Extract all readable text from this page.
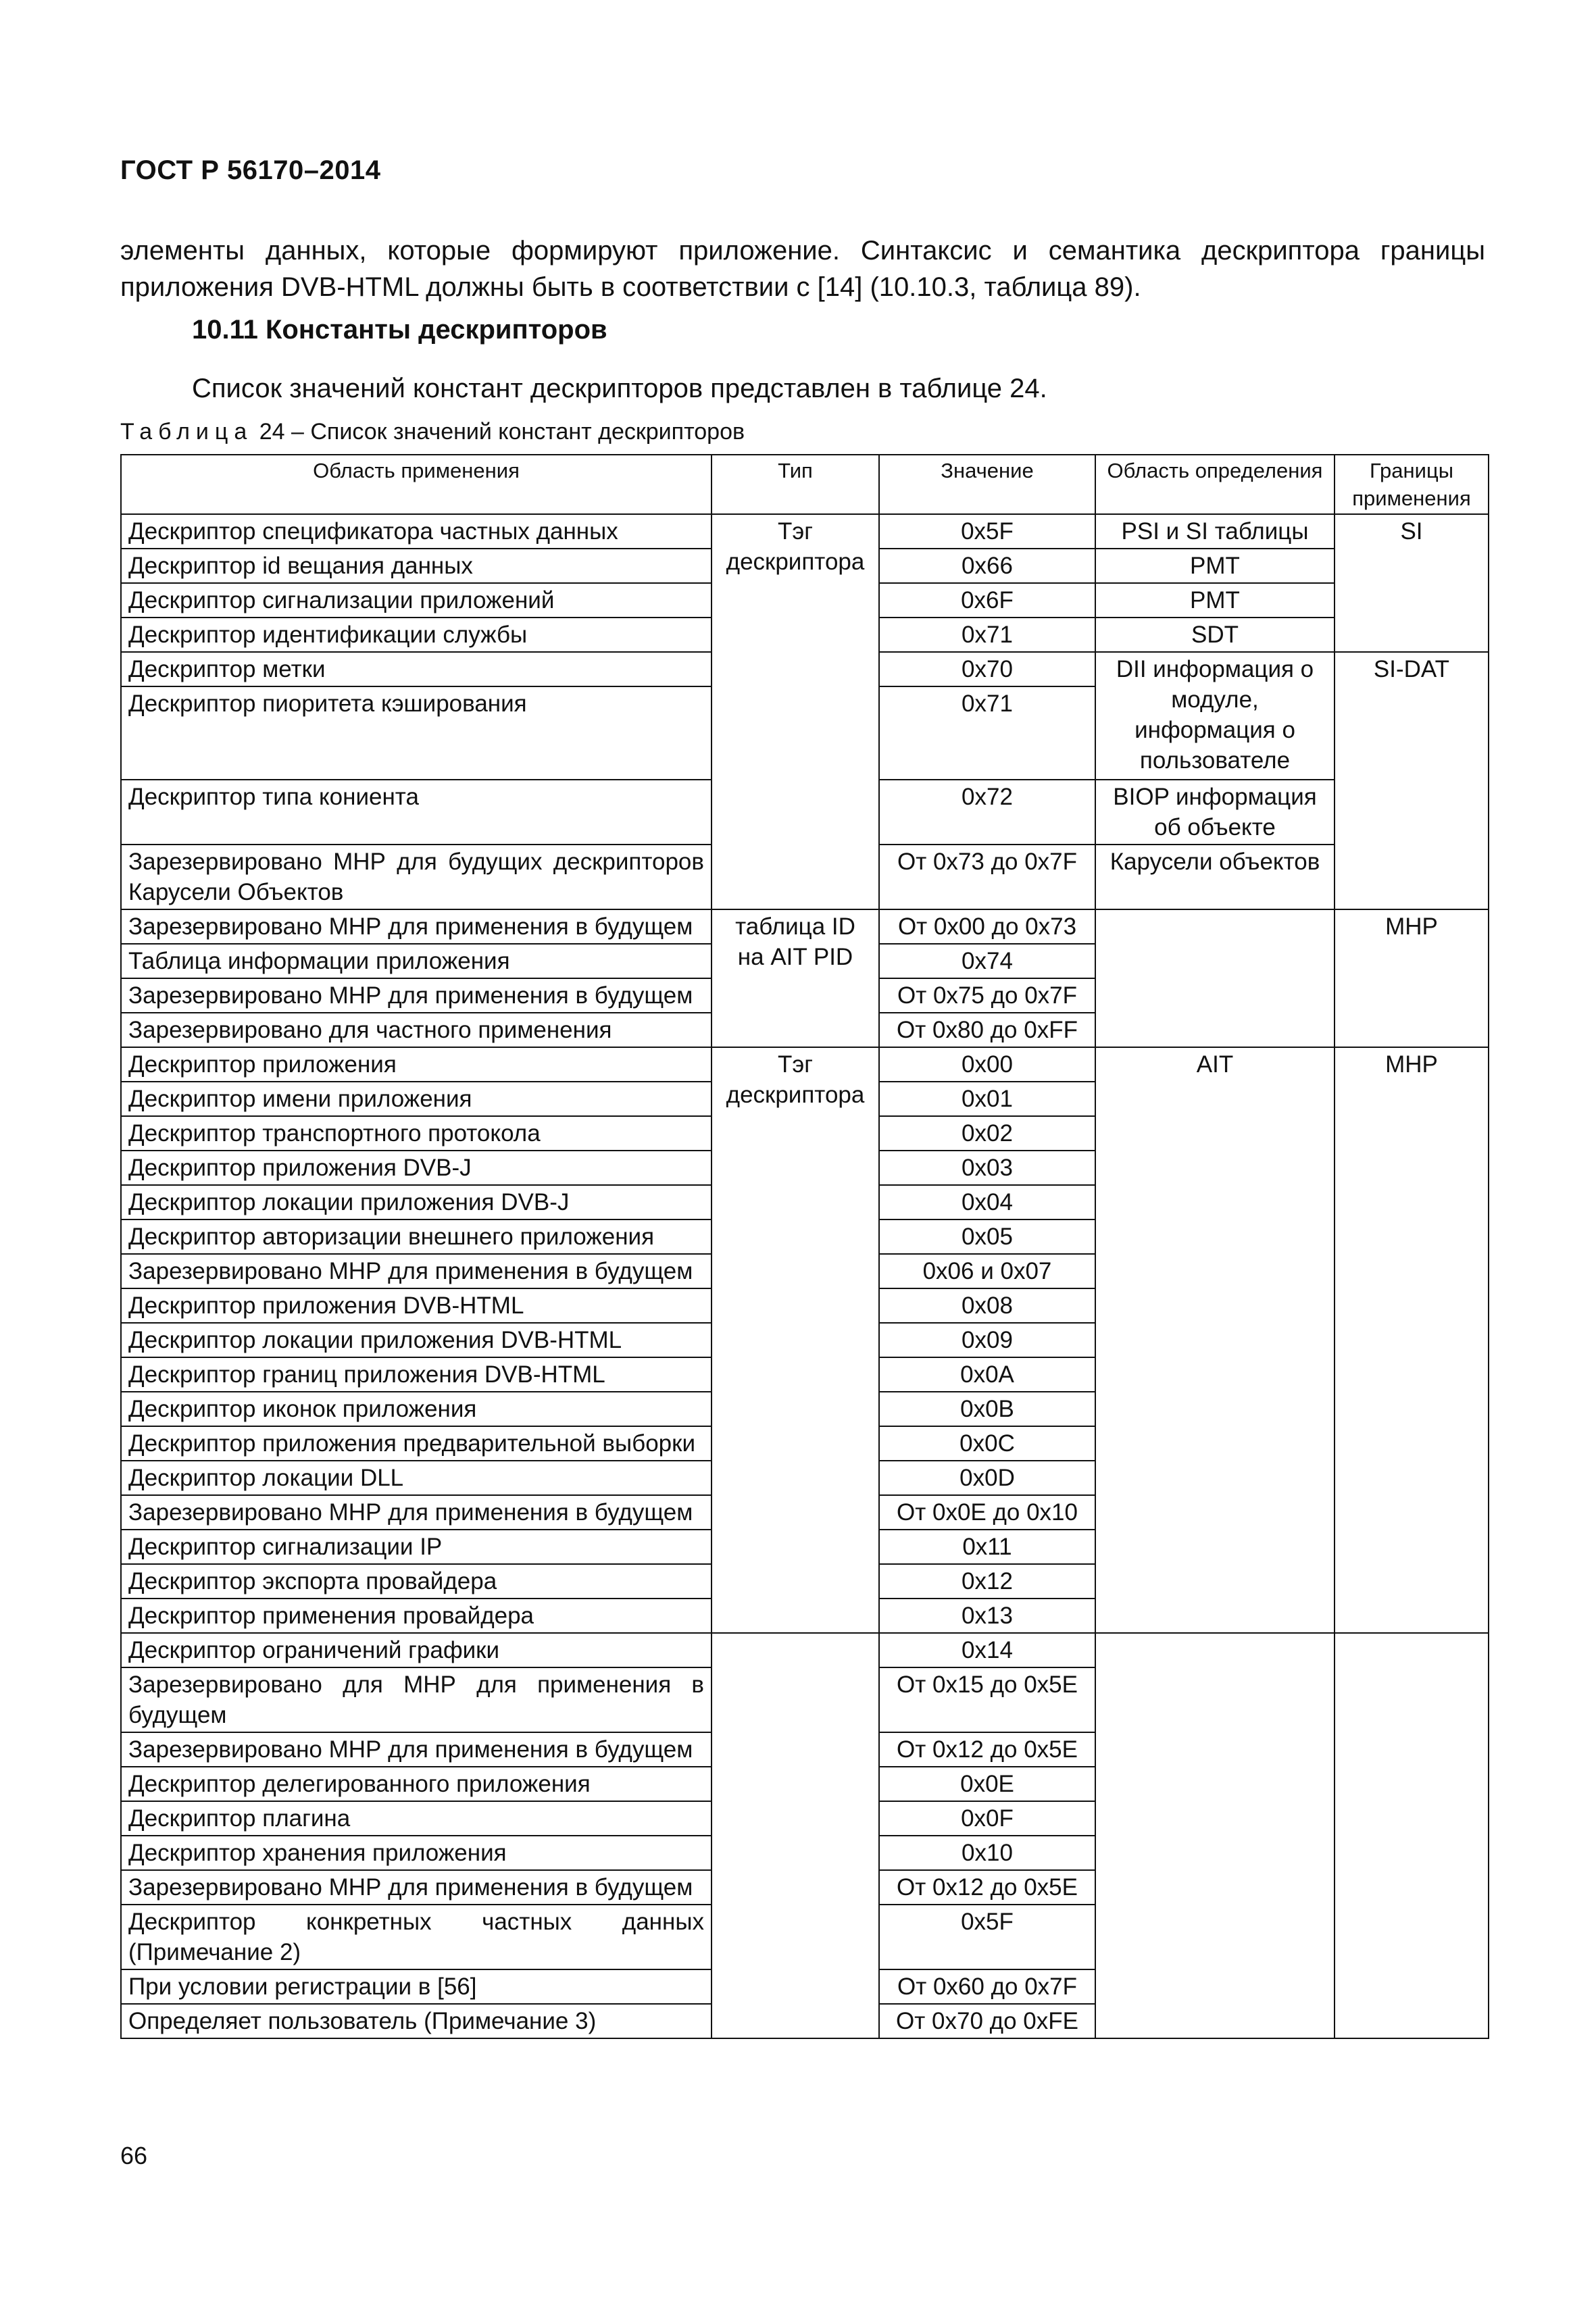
ГОСТ Р 56170–2014
элементы данных, которые формируют приложение. Синтаксис и семантика дескриптора границы приложения DVB-HTML должны быть в соответствии с [14] (10.10.3, таблица 89).
10.11 Константы дескрипторов
Список значений констант дескрипторов представлен в таблице 24.
Таблица 24 – Список значений констант дескрипторов
Область применения	Тип	Значение	Область определения	Границы применения
Дескриптор спецификатора частных данных	Тэг дескриптора	0x5F	PSI и SI таблицы	SI
Дескриптор id вещания данных		0x66	PMT	
Дескриптор сигнализации приложений		0x6F	PMT	
Дескриптор идентификации службы		0x71	SDT	
Дескриптор метки		0x70	DII информация о модуле, информация о пользователе	SI-DAT
Дескриптор пиоритета кэширования		0x71		
Дескриптор типа кониента		0x72	BIOP информация об объекте	
Зарезервировано МНР для будущих дескрипторов Карусели Объектов		От 0x73 до 0x7F	Карусели объектов	
Зарезервировано МНР для применения в будущем	таблица ID на AIT PID	От 0x00 до 0x73		MHP
Таблица информации приложения		0x74		
Зарезервировано МНР для применения в будущем		От 0x75 до 0x7F		
Зарезервировано для частного применения		От 0x80 до 0xFF		
Дескриптор приложения	Тэг дескриптора	0x00	AIT	MHP
Дескриптор имени приложения		0x01		
Дескриптор транспортного протокола		0x02		
Дескриптор приложения DVB-J		0x03		
Дескриптор локации приложения DVB-J		0x04		
Дескриптор авторизации внешнего приложения		0x05		
Зарезервировано МНР для применения в будущем		0x06 и 0x07		
Дескриптор приложения DVB-HTML		0x08		
Дескриптор локации приложения DVB-HTML		0x09		
Дескриптор границ приложения DVB-HTML		0x0A		
Дескриптор иконок приложения		0x0B		
Дескриптор приложения предварительной выборки		0x0C		
Дескриптор локации DLL		0x0D		
Зарезервировано МНР для применения в будущем		От 0x0E до 0x10		
Дескриптор сигнализации IP		0x11		
Дескриптор экспорта провайдера		0x12		
Дескриптор применения провайдера		0x13		
Дескриптор ограничений графики		0x14		
Зарезервировано для МНР для применения в будущем		От 0x15 до 0x5E		
Зарезервировано МНР для применения в будущем		От 0x12 до 0x5E		
Дескриптор делегированного приложения		0x0E		
Дескриптор плагина		0x0F		
Дескриптор хранения приложения		0x10		
Зарезервировано МНР для применения в будущем		От 0x12 до 0x5E		
Дескриптор конкретных частных данных (Примечание 2)		0x5F		
При условии регистрации в [56]		От 0x60 до 0x7F		
Определяет пользователь (Примечание 3)		От 0x70 до 0xFE		
66
